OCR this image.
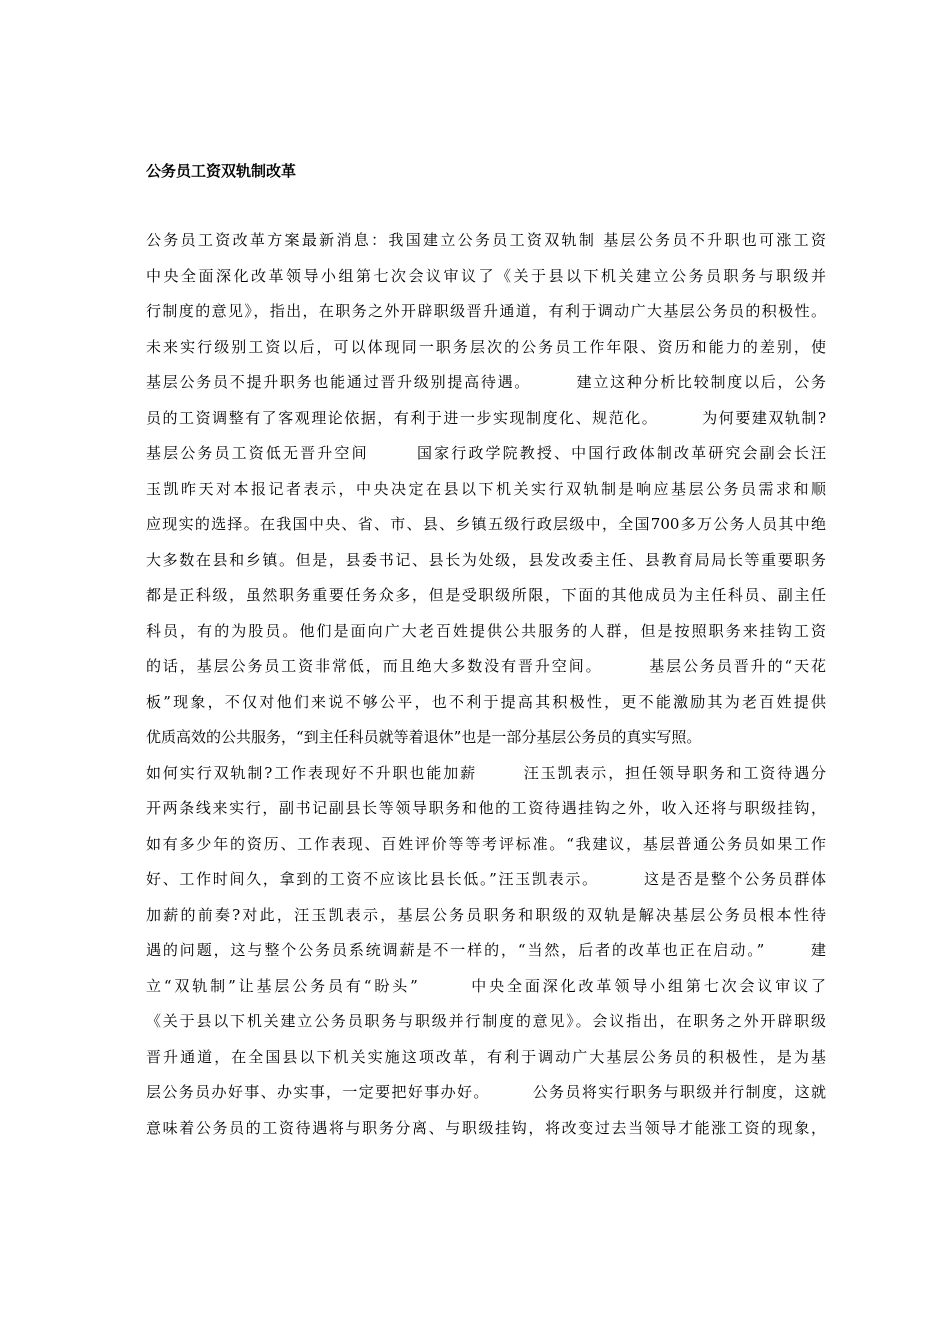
公务员工资双轨制改革
公务员工资改革方案最新消息：我国建立公务员工资双轨制 基层公务员不升职也可涨工资
中央全面深化改革领导小组第七次会议审议了《关于县以下机关建立公务员职务与职级并
行制度的意见》，指出，在职务之外开辟职级晋升通道，有利于调动广大基层公务员的积极性。
未来实行级别工资以后，可以体现同一职务层次的公务员工作年限、资历和能力的差别，使
基层公务员不提升职务也能通过晋升级别提高待遇。       建立这种分析比较制度以后，公务
员的工资调整有了客观理论依据，有利于进一步实现制度化、规范化。       为何要建双轨制?
基层公务员工资低无晋升空间       国家行政学院教授、中国行政体制改革研究会副会长汪
玉凯昨天对本报记者表示，中央决定在县以下机关实行双轨制是响应基层公务员需求和顺
应现实的选择。在我国中央、省、市、县、乡镇五级行政层级中，全国700多万公务人员其中绝
大多数在县和乡镇。但是，县委书记、县长为处级，县发改委主任、县教育局局长等重要职务
都是正科级，虽然职务重要任务众多，但是受职级所限，下面的其他成员为主任科员、副主任
科员，有的为股员。他们是面向广大老百姓提供公共服务的人群，但是按照职务来挂钩工资
的话，基层公务员工资非常低，而且绝大多数没有晋升空间。       基层公务员晋升的“天花
板”现象，不仅对他们来说不够公平，也不利于提高其积极性，更不能激励其为老百姓提供
优质高效的公共服务，“到主任科员就等着退休”也是一部分基层公务员的真实写照。
如何实行双轨制?工作表现好不升职也能加薪       汪玉凯表示，担任领导职务和工资待遇分
开两条线来实行，副书记副县长等领导职务和他的工资待遇挂钩之外，收入还将与职级挂钩，
如有多少年的资历、工作表现、百姓评价等等考评标准。“我建议，基层普通公务员如果工作
好、工作时间久，拿到的工资不应该比县长低。”汪玉凯表示。       这是否是整个公务员群体
加薪的前奏?对此，汪玉凯表示，基层公务员职务和职级的双轨是解决基层公务员根本性待
遇的问题，这与整个公务员系统调薪是不一样的，“当然，后者的改革也正在启动。”       建
立“双轨制”让基层公务员有“盼头”       中央全面深化改革领导小组第七次会议审议了
《关于县以下机关建立公务员职务与职级并行制度的意见》。会议指出，在职务之外开辟职级
晋升通道，在全国县以下机关实施这项改革，有利于调动广大基层公务员的积极性，是为基
层公务员办好事、办实事，一定要把好事办好。       公务员将实行职务与职级并行制度，这就
意味着公务员的工资待遇将与职务分离、与职级挂钩，将改变过去当领导才能涨工资的现象，
